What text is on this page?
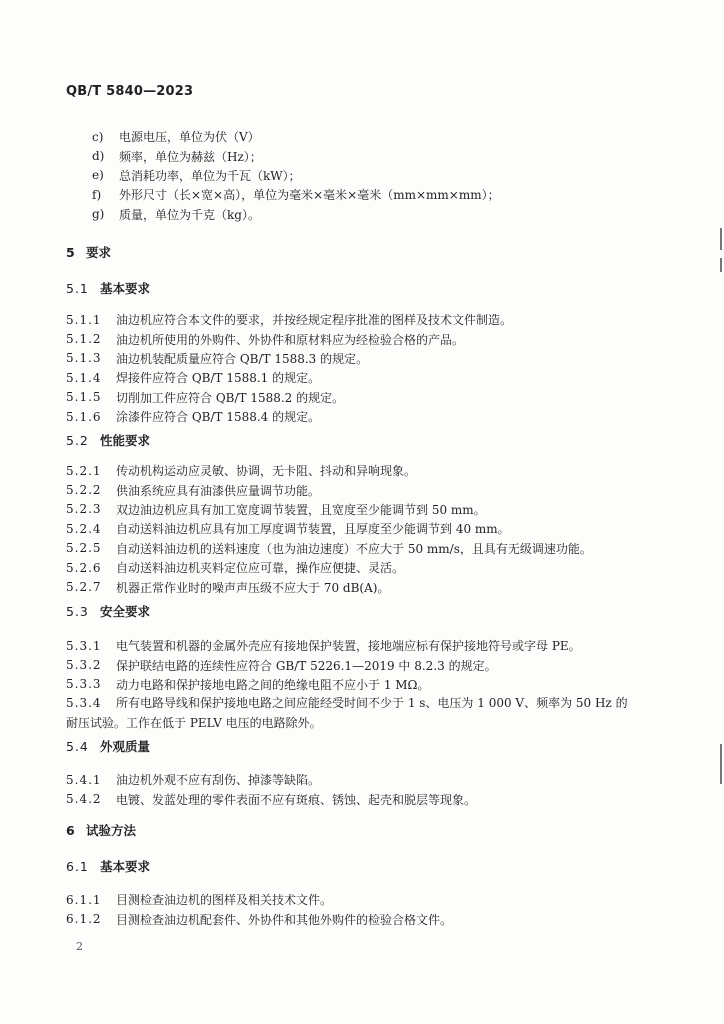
QB/T 5840—2023
c)	电源电压，单位为伏（V）
d)	频率，单位为赫兹（Hz）；
e)	总消耗功率，单位为千瓦（kW）；
f)	外形尺寸（长×宽×高），单位为毫米×毫米×毫米（mm×mm×mm）；
g)	质量，单位为千克（kg）。
5 要求
5.1 基本要求
5.1.1	油边机应符合本文件的要求，并按经规定程序批准的图样及技术文件制造。
5.1.2	油边机所使用的外购件、外协件和原材料应为经检验合格的产品。
5.1.3	油边机装配质量应符合 QB/T 1588.3 的规定。
5.1.4	焊接件应符合 QB/T 1588.1 的规定。
5.1.5	切削加工件应符合 QB/T 1588.2 的规定。
5.1.6	涂漆件应符合 QB/T 1588.4 的规定。
5.2 性能要求
5.2.1	传动机构运动应灵敏、协调，无卡阻、抖动和异响现象。
5.2.2	供油系统应具有油漆供应量调节功能。
5.2.3	双边油边机应具有加工宽度调节装置，且宽度至少能调节到 50 mm。
5.2.4	自动送料油边机应具有加工厚度调节装置，且厚度至少能调节到 40 mm。
5.2.5	自动送料油边机的送料速度（也为油边速度）不应大于 50 mm/s，且具有无级调速功能。
5.2.6	自动送料油边机夹料定位应可靠，操作应便捷、灵活。
5.2.7	机器正常作业时的噪声声压级不应大于 70 dB(A)。
5.3 安全要求
5.3.1	电气装置和机器的金属外壳应有接地保护装置，接地端应标有保护接地符号或字母 PE。
5.3.2	保护联结电路的连续性应符合 GB/T 5226.1—2019 中 8.2.3 的规定。
5.3.3	动力电路和保护接地电路之间的绝缘电阻不应小于 1 MΩ。
5.3.4 所有电路导线和保护接地电路之间应能经受时间不少于 1 s、电压为 1 000 V、频率为 50 Hz 的
耐压试验。工作在低于 PELV 电压的电路除外。
5.4 外观质量
5.4.1	油边机外观不应有刮伤、掉漆等缺陷。
5.4.2	电镀、发蓝处理的零件表面不应有斑痕、锈蚀、起壳和脱层等现象。
6 试验方法
6.1 基本要求
6.1.1	目测检查油边机的图样及相关技术文件。
6.1.2	目测检查油边机配套件、外协件和其他外购件的检验合格文件。
2
